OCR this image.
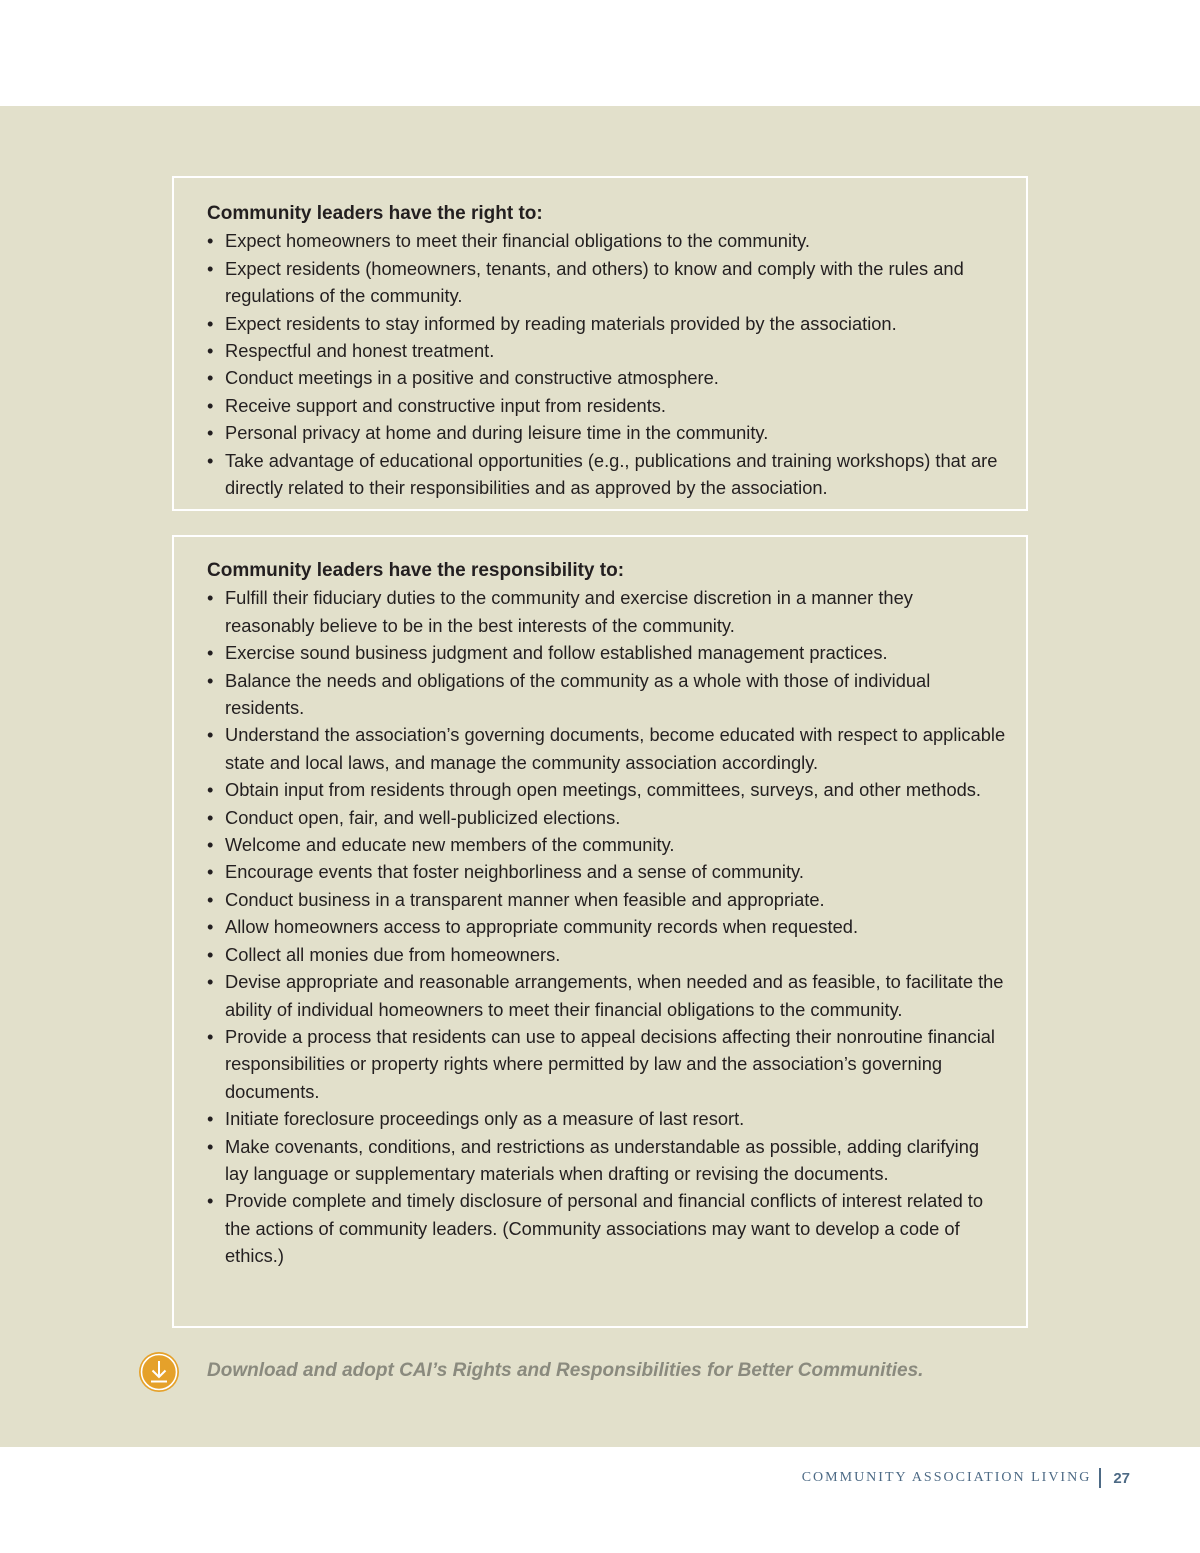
Community leaders have the right to:
• Expect homeowners to meet their financial obligations to the community.
• Expect residents (homeowners, tenants, and others) to know and comply with the rules and regulations of the community.
• Expect residents to stay informed by reading materials provided by the association.
• Respectful and honest treatment.
• Conduct meetings in a positive and constructive atmosphere.
• Receive support and constructive input from residents.
• Personal privacy at home and during leisure time in the community.
• Take advantage of educational opportunities (e.g., publications and training workshops) that are directly related to their responsibilities and as approved by the association.
Community leaders have the responsibility to:
• Fulfill their fiduciary duties to the community and exercise discretion in a manner they reasonably believe to be in the best interests of the community.
• Exercise sound business judgment and follow established management practices.
• Balance the needs and obligations of the community as a whole with those of individual residents.
• Understand the association’s governing documents, become educated with respect to applicable state and local laws, and manage the community association accordingly.
• Obtain input from residents through open meetings, committees, surveys, and other methods.
• Conduct open, fair, and well-publicized elections.
• Welcome and educate new members of the community.
• Encourage events that foster neighborliness and a sense of community.
• Conduct business in a transparent manner when feasible and appropriate.
• Allow homeowners access to appropriate community records when requested.
• Collect all monies due from homeowners.
• Devise appropriate and reasonable arrangements, when needed and as feasible, to facilitate the ability of individual homeowners to meet their financial obligations to the community.
• Provide a process that residents can use to appeal decisions affecting their nonroutine financial responsibilities or property rights where permitted by law and the association’s governing documents.
• Initiate foreclosure proceedings only as a measure of last resort.
• Make covenants, conditions, and restrictions as understandable as possible, adding clarifying lay language or supplementary materials when drafting or revising the documents.
• Provide complete and timely disclosure of personal and financial conflicts of interest related to the actions of community leaders. (Community associations may want to develop a code of ethics.)
Download and adopt CAI’s Rights and Responsibilities for Better Communities.
COMMUNITY ASSOCIATION LIVING 27
